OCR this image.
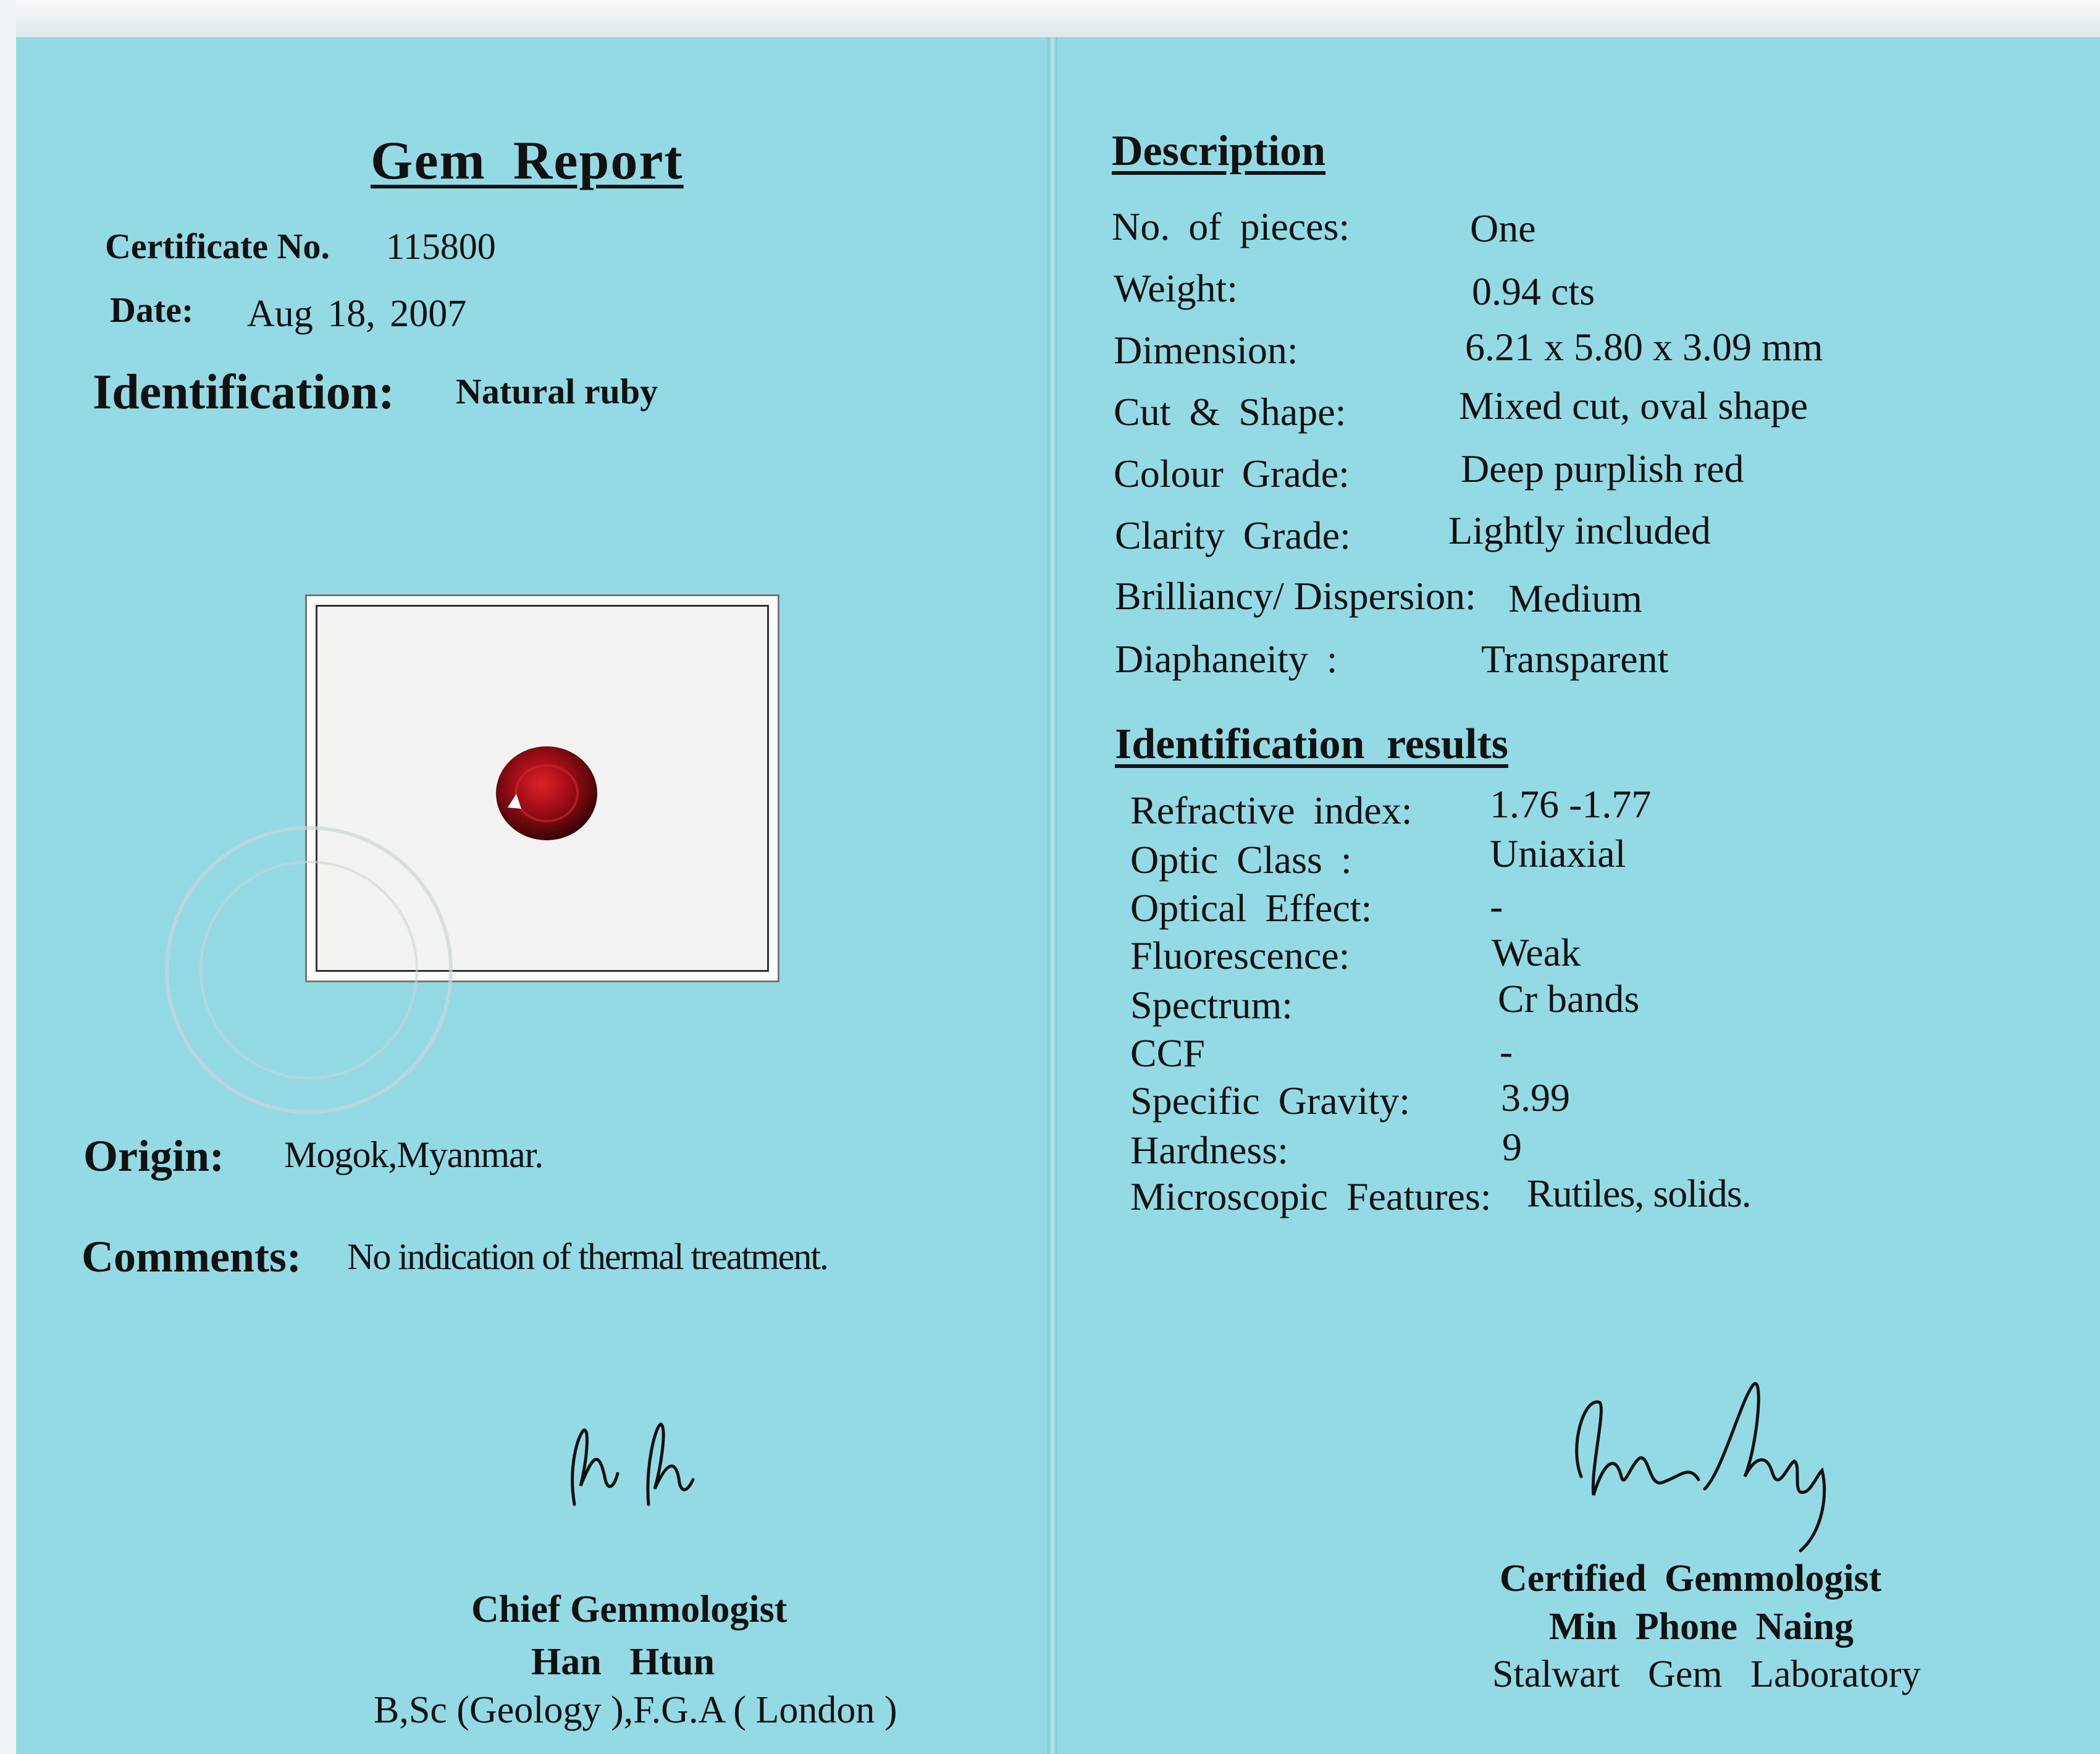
Gem Report
Certificate No. 115800
Date: Aug 18, 2007
Identification: Natural ruby
Origin: Mogok,Myanmar.
Comments: No indication of thermal treatment.
Chief Gemmologist
Han Htun
B,Sc (Geology ),F.G.A ( London )
Description
No. of pieces:	One
Weight:	0.94 cts
Dimension:	6.21 x 5.80 x 3.09 mm
Cut & Shape:	Mixed cut, oval shape
Colour Grade:	Deep purplish red
Clarity Grade: Lightly included
Brilliancy/ Dispersion: Medium
Diaphaneity :	Transparent
Identification results
Refractive index: 1.76 -1.77
Optic Class :	Uniaxial
Optical Effect:	-
Fluorescence:	Weak
Spectrum:	Cr bands
CCF	-
Specific Gravity: 3.99
Hardness:	9
Microscopic Features: Rutiles, solids.
Certified Gemmologist
Min Phone Naing
Stalwart Gem Laboratory
